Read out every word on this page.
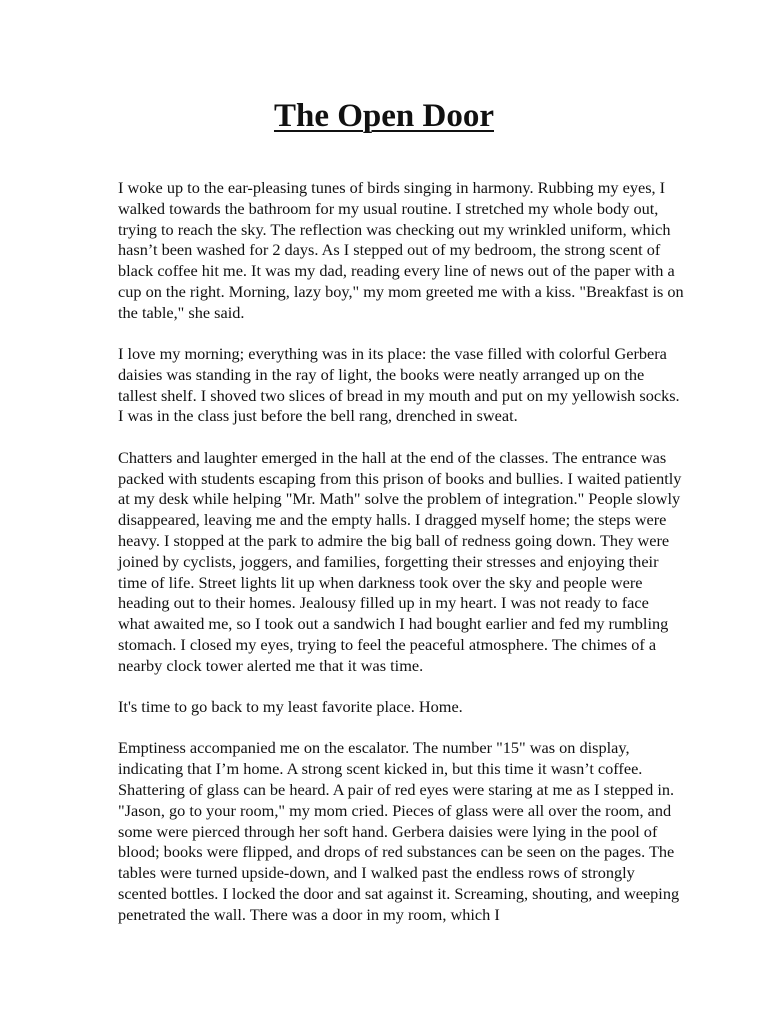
The Open Door

I woke up to the ear-pleasing tunes of birds singing in harmony. Rubbing my eyes, I walked towards the bathroom for my usual routine. I stretched my whole body out, trying to reach the sky. The reflection was checking out my wrinkled uniform, which hasn’t been washed for 2 days. As I stepped out of my bedroom, the strong scent of black coffee hit me. It was my dad, reading every line of news out of the paper with a cup on the right. Morning, lazy boy," my mom greeted me with a kiss. "Breakfast is on the table," she said.

I love my morning; everything was in its place: the vase filled with colorful Gerbera daisies was standing in the ray of light, the books were neatly arranged up on the tallest shelf. I shoved two slices of bread in my mouth and put on my yellowish socks. I was in the class just before the bell rang, drenched in sweat.

Chatters and laughter emerged in the hall at the end of the classes. The entrance was packed with students escaping from this prison of books and bullies. I waited patiently at my desk while helping "Mr. Math" solve the problem of integration." People slowly disappeared, leaving me and the empty halls. I dragged myself home; the steps were heavy. I stopped at the park to admire the big ball of redness going down. They were joined by cyclists, joggers, and families, forgetting their stresses and enjoying their time of life. Street lights lit up when darkness took over the sky and people were heading out to their homes. Jealousy filled up in my heart. I was not ready to face what awaited me, so I took out a sandwich I had bought earlier and fed my rumbling stomach. I closed my eyes, trying to feel the peaceful atmosphere. The chimes of a nearby clock tower alerted me that it was time.

It's time to go back to my least favorite place. Home.

Emptiness accompanied me on the escalator. The number "15" was on display, indicating that I’m home. A strong scent kicked in, but this time it wasn’t coffee. Shattering of glass can be heard. A pair of red eyes were staring at me as I stepped in. "Jason, go to your room," my mom cried. Pieces of glass were all over the room, and some were pierced through her soft hand. Gerbera daisies were lying in the pool of blood; books were flipped, and drops of red substances can be seen on the pages. The tables were turned upside-down, and I walked past the endless rows of strongly scented bottles. I locked the door and sat against it. Screaming, shouting, and weeping penetrated the wall. There was a door in my room, which I
